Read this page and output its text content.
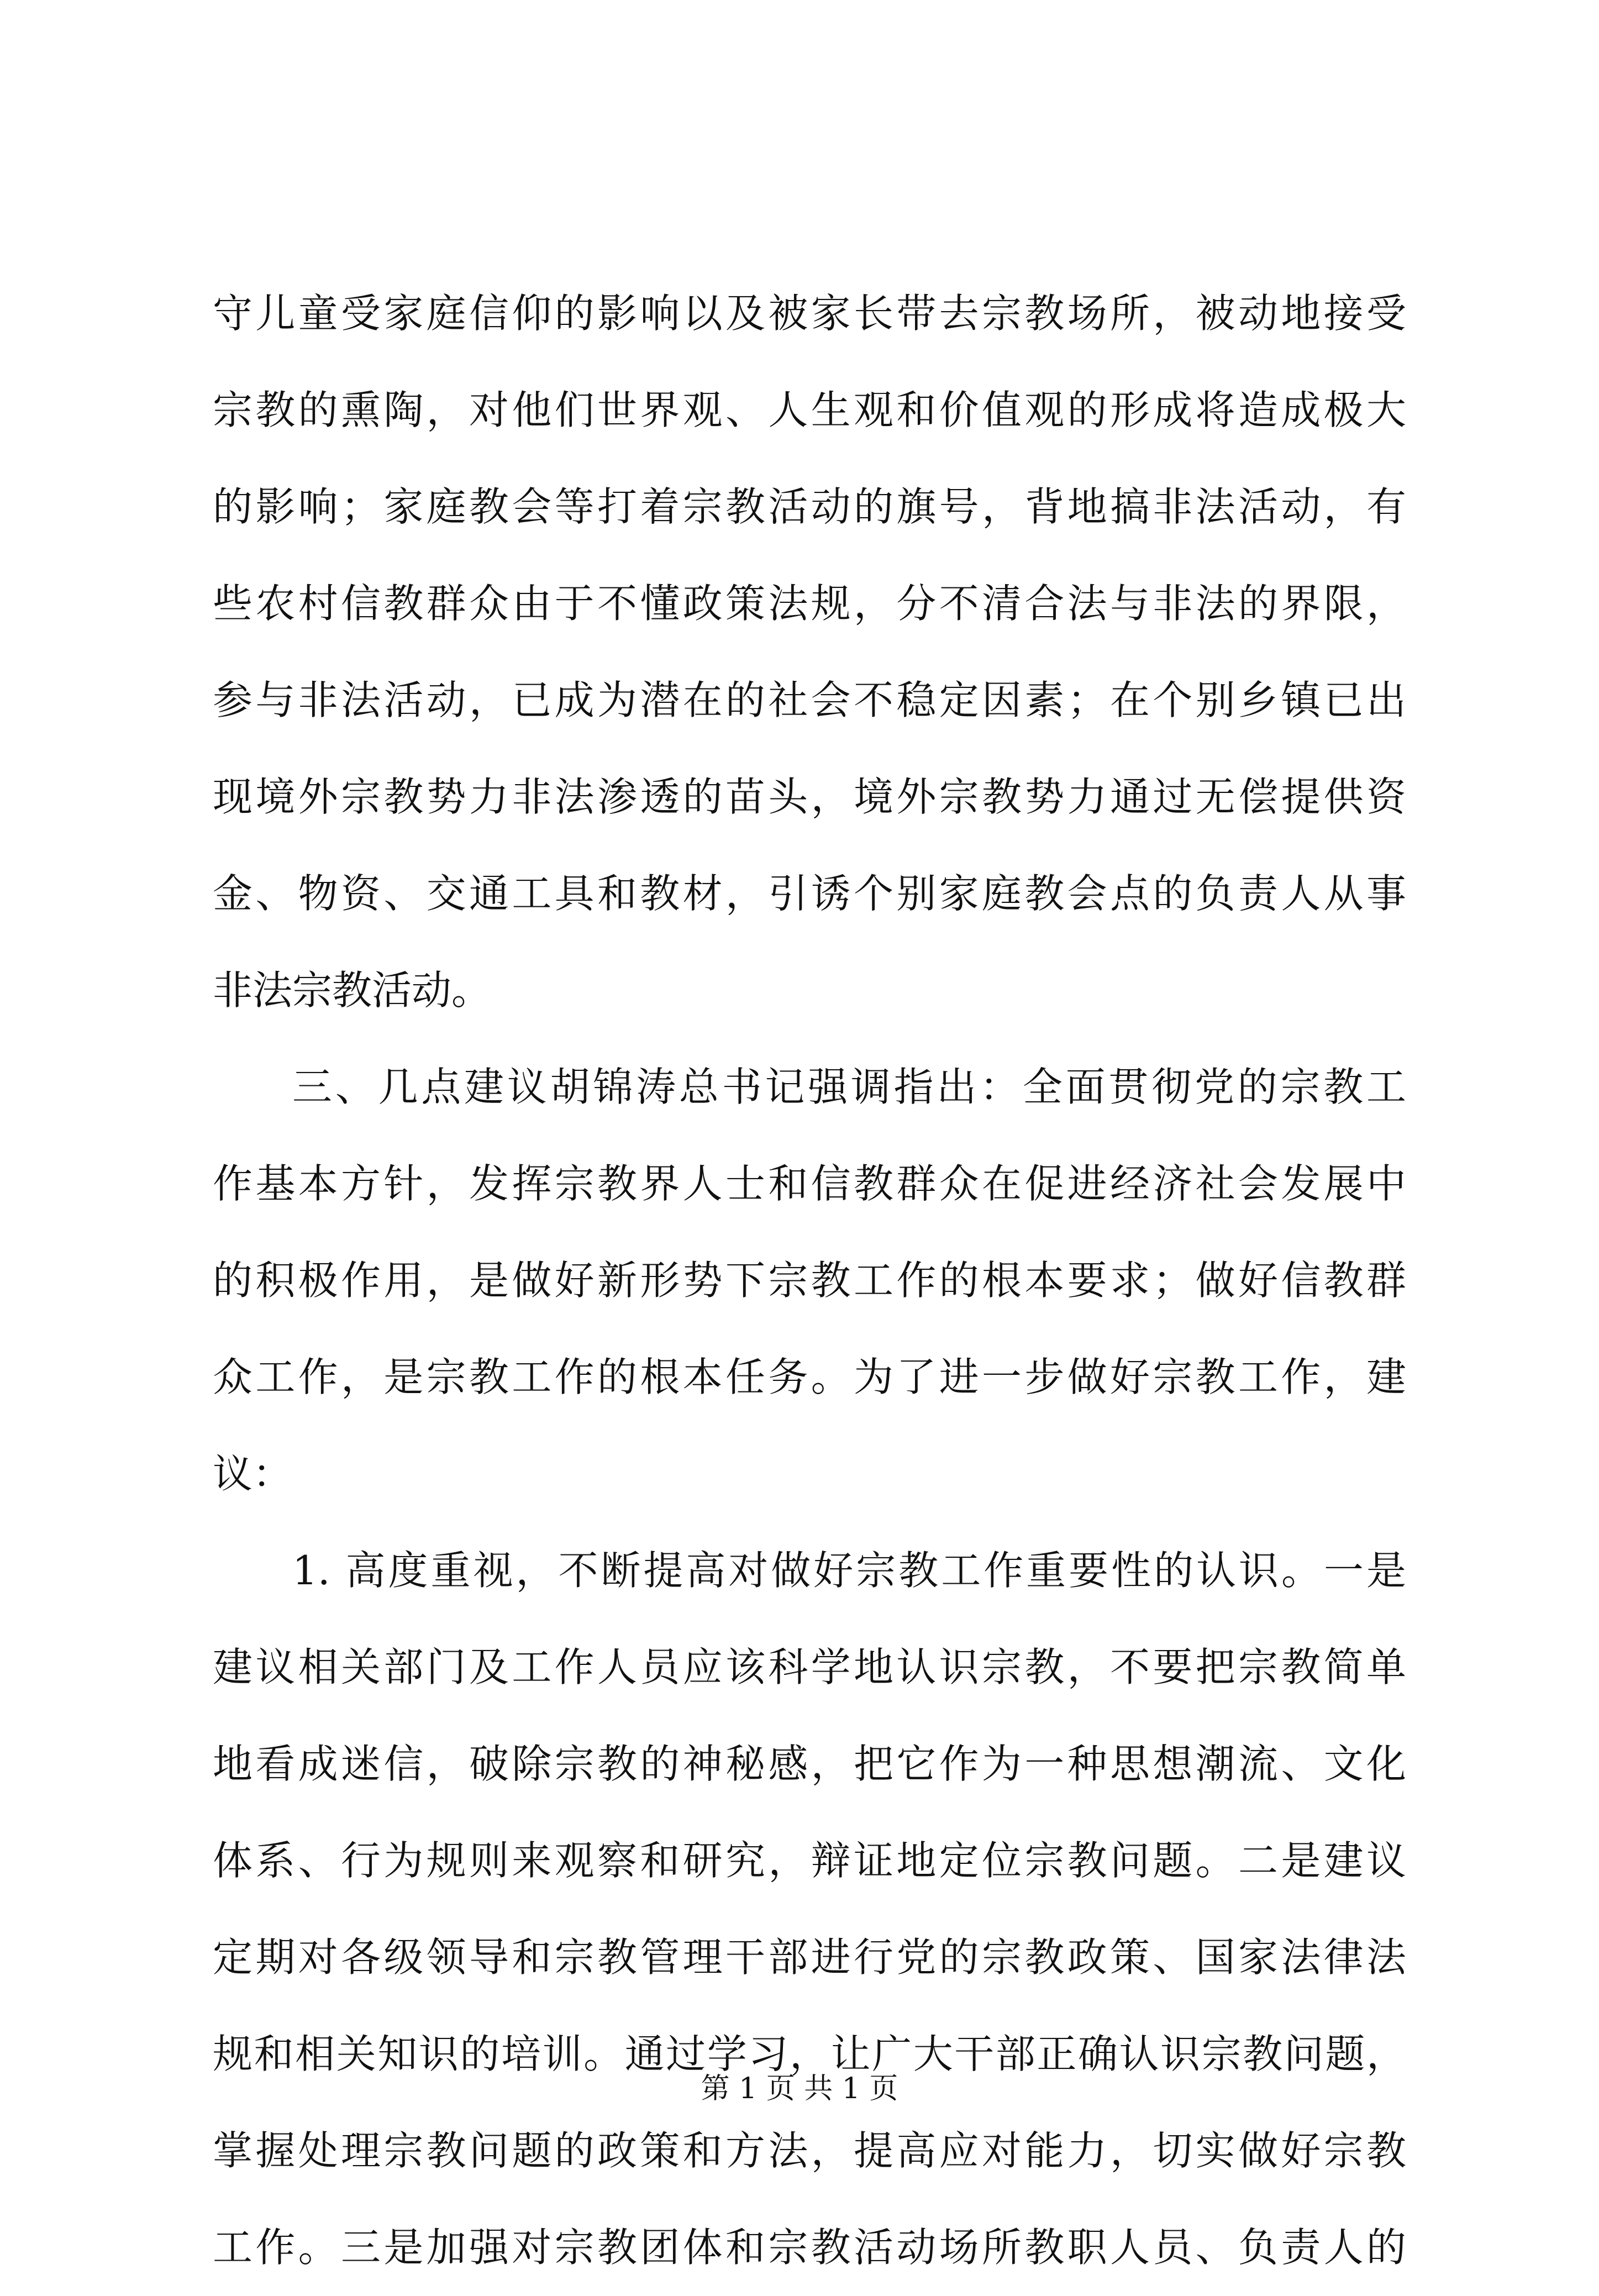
守儿童受家庭信仰的影响以及被家长带去宗教场所，被动地接受
宗教的熏陶，对他们世界观、人生观和价值观的形成将造成极大
的影响；家庭教会等打着宗教活动的旗号，背地搞非法活动，有
些农村信教群众由于不懂政策法规，分不清合法与非法的界限，
参与非法活动，已成为潜在的社会不稳定因素；在个别乡镇已出
现境外宗教势力非法渗透的苗头，境外宗教势力通过无偿提供资
金、物资、交通工具和教材，引诱个别家庭教会点的负责人从事
非法宗教活动。
三、几点建议胡锦涛总书记强调指出：全面贯彻党的宗教工
作基本方针，发挥宗教界人士和信教群众在促进经济社会发展中
的积极作用，是做好新形势下宗教工作的根本要求；做好信教群
众工作，是宗教工作的根本任务。为了进一步做好宗教工作，建
议：
1. 高度重视，不断提高对做好宗教工作重要性的认识。一是
建议相关部门及工作人员应该科学地认识宗教，不要把宗教简单
地看成迷信，破除宗教的神秘感，把它作为一种思想潮流、文化
体系、行为规则来观察和研究，辩证地定位宗教问题。二是建议
定期对各级领导和宗教管理干部进行党的宗教政策、国家法律法
规和相关知识的培训。通过学习，让广大干部正确认识宗教问题，
掌握处理宗教问题的政策和方法，提高应对能力，切实做好宗教
工作。三是加强对宗教团体和宗教活动场所教职人员、负责人的
第 1 页 共 1 页
